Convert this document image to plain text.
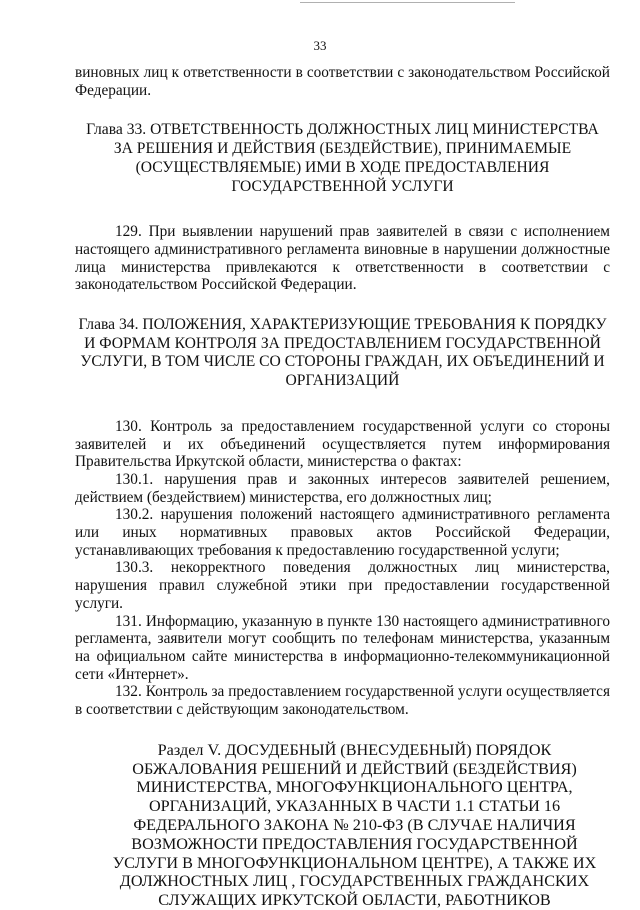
33

виновных лиц к ответственности в соответствии с законодательством Российской Федерации.

Глава 33. ОТВЕТСТВЕННОСТЬ ДОЛЖНОСТНЫХ ЛИЦ МИНИСТЕРСТВА ЗА РЕШЕНИЯ И ДЕЙСТВИЯ (БЕЗДЕЙСТВИЕ), ПРИНИМАЕМЫЕ (ОСУЩЕСТВЛЯЕМЫЕ) ИМИ В ХОДЕ ПРЕДОСТАВЛЕНИЯ ГОСУДАРСТВЕННОЙ УСЛУГИ

129. При выявлении нарушений прав заявителей в связи с исполнением настоящего административного регламента виновные в нарушении должностные лица министерства привлекаются к ответственности в соответствии с законодательством Российской Федерации.

Глава 34. ПОЛОЖЕНИЯ, ХАРАКТЕРИЗУЮЩИЕ ТРЕБОВАНИЯ К ПОРЯДКУ И ФОРМАМ КОНТРОЛЯ ЗА ПРЕДОСТАВЛЕНИЕМ ГОСУДАРСТВЕННОЙ УСЛУГИ, В ТОМ ЧИСЛЕ СО СТОРОНЫ ГРАЖДАН, ИХ ОБЪЕДИНЕНИЙ И ОРГАНИЗАЦИЙ

130. Контроль за предоставлением государственной услуги со стороны заявителей и их объединений осуществляется путем информирования Правительства Иркутской области, министерства о фактах:

130.1. нарушения прав и законных интересов заявителей решением, действием (бездействием) министерства, его должностных лиц;

130.2. нарушения положений настоящего административного регламента или иных нормативных правовых актов Российской Федерации, устанавливающих требования к предоставлению государственной услуги;

130.3. некорректного поведения должностных лиц министерства, нарушения правил служебной этики при предоставлении государственной услуги.

131. Информацию, указанную в пункте 130 настоящего административного регламента, заявители могут сообщить по телефонам министерства, указанным на официальном сайте министерства в информационно-телекоммуникационной сети «Интернет».

132. Контроль за предоставлением государственной услуги осуществляется в соответствии с действующим законодательством.

Раздел V. ДОСУДЕБНЫЙ (ВНЕСУДЕБНЫЙ) ПОРЯДОК ОБЖАЛОВАНИЯ РЕШЕНИЙ И ДЕЙСТВИЙ (БЕЗДЕЙСТВИЯ) МИНИСТЕРСТВА, МНОГОФУНКЦИОНАЛЬНОГО ЦЕНТРА, ОРГАНИЗАЦИЙ, УКАЗАННЫХ В ЧАСТИ 1.1 СТАТЬИ 16 ФЕДЕРАЛЬНОГО ЗАКОНА № 210-ФЗ (В СЛУЧАЕ НАЛИЧИЯ ВОЗМОЖНОСТИ ПРЕДОСТАВЛЕНИЯ ГОСУДАРСТВЕННОЙ УСЛУГИ В МНОГОФУНКЦИОНАЛЬНОМ ЦЕНТРЕ), А ТАКЖЕ ИХ ДОЛЖНОСТНЫХ ЛИЦ , ГОСУДАРСТВЕННЫХ ГРАЖДАНСКИХ СЛУЖАЩИХ ИРКУТСКОЙ ОБЛАСТИ, РАБОТНИКОВ
